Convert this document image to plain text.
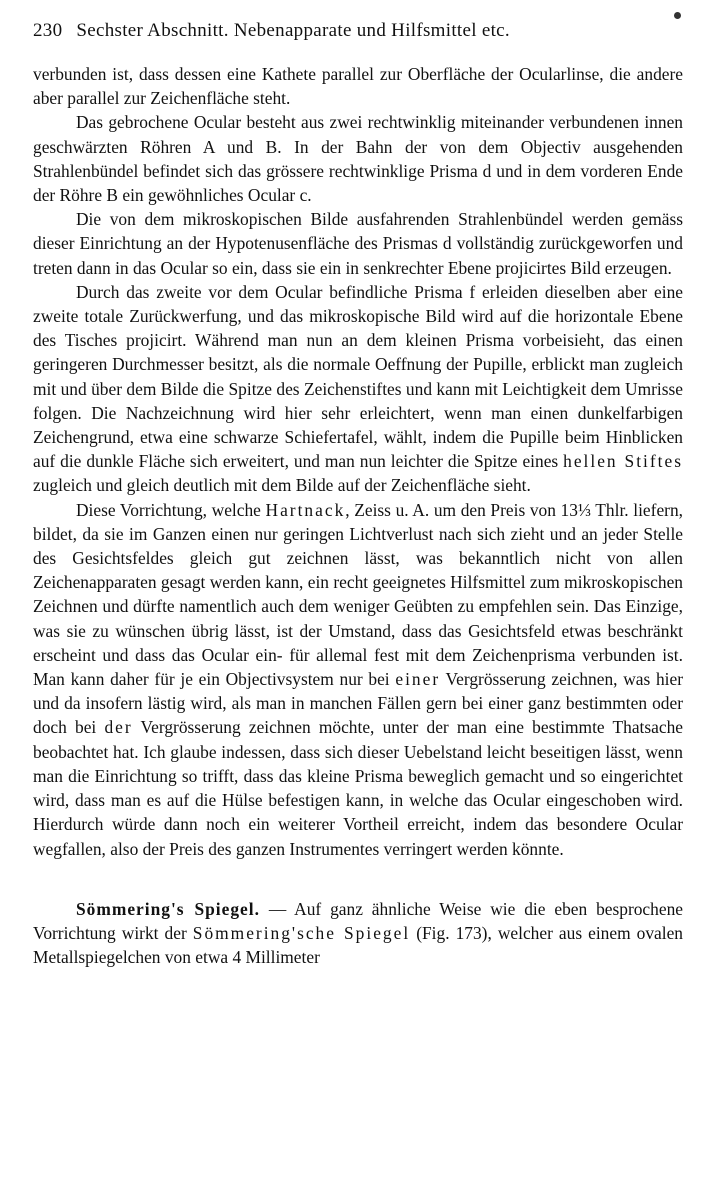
230 Sechster Abschnitt. Nebenapparate und Hilfsmittel etc.

verbunden ist, dass dessen eine Kathete parallel zur Oberfläche der Ocularlinse, die andere aber parallel zur Zeichenfläche steht.

Das gebrochene Ocular besteht aus zwei rechtwinklig miteinander verbundenen innen geschwärzten Röhren A und B. In der Bahn der von dem Objectiv ausgehenden Strahlenbündel befindet sich das grössere rechtwinklige Prisma d und in dem vorderen Ende der Röhre B ein gewöhnliches Ocular c.

Die von dem mikroskopischen Bilde ausfahrenden Strahlenbündel werden gemäss dieser Einrichtung an der Hypotenusenfläche des Prismas d vollständig zurückgeworfen und treten dann in das Ocular so ein, dass sie ein in senkrechter Ebene projicirtes Bild erzeugen.

Durch das zweite vor dem Ocular befindliche Prisma f erleiden dieselben aber eine zweite totale Zurückwerfung, und das mikroskopische Bild wird auf die horizontale Ebene des Tisches projicirt. Während man nun an dem kleinen Prisma vorbeisieht, das einen geringeren Durchmesser besitzt, als die normale Oeffnung der Pupille, erblickt man zugleich mit und über dem Bilde die Spitze des Zeichenstiftes und kann mit Leichtigkeit dem Umrisse folgen. Die Nachzeichnung wird hier sehr erleichtert, wenn man einen dunkelfarbigen Zeichengrund, etwa eine schwarze Schiefertafel, wählt, indem die Pupille beim Hinblicken auf die dunkle Fläche sich erweitert, und man nun leichter die Spitze eines hellen Stiftes zugleich und gleich deutlich mit dem Bilde auf der Zeichenfläche sieht.

Diese Vorrichtung, welche Hartnack, Zeiss u. A. um den Preis von 13⅓ Thlr. liefern, bildet, da sie im Ganzen einen nur geringen Lichtverlust nach sich zieht und an jeder Stelle des Gesichtsfeldes gleich gut zeichnen lässt, was bekanntlich nicht von allen Zeichenapparaten gesagt werden kann, ein recht geeignetes Hilfsmittel zum mikroskopischen Zeichnen und dürfte namentlich auch dem weniger Geübten zu empfehlen sein. Das Einzige, was sie zu wünschen übrig lässt, ist der Umstand, dass das Gesichtsfeld etwas beschränkt erscheint und dass das Ocular ein- für allemal fest mit dem Zeichenprisma verbunden ist. Man kann daher für je ein Objectivsystem nur bei einer Vergrösserung zeichnen, was hier und da insofern lästig wird, als man in manchen Fällen gern bei einer ganz bestimmten oder doch bei der Vergrösserung zeichnen möchte, unter der man eine bestimmte Thatsache beobachtet hat. Ich glaube indessen, dass sich dieser Uebelstand leicht beseitigen lässt, wenn man die Einrichtung so trifft, dass das kleine Prisma beweglich gemacht und so eingerichtet wird, dass man es auf die Hülse befestigen kann, in welche das Ocular eingeschoben wird. Hierdurch würde dann noch ein weiterer Vortheil erreicht, indem das besondere Ocular wegfallen, also der Preis des ganzen Instrumentes verringert werden könnte.

Sömmering's Spiegel. — Auf ganz ähnliche Weise wie die eben besprochene Vorrichtung wirkt der Sömmering'sche Spiegel (Fig. 173), welcher aus einem ovalen Metallspiegelchen von etwa 4 Millimeter
